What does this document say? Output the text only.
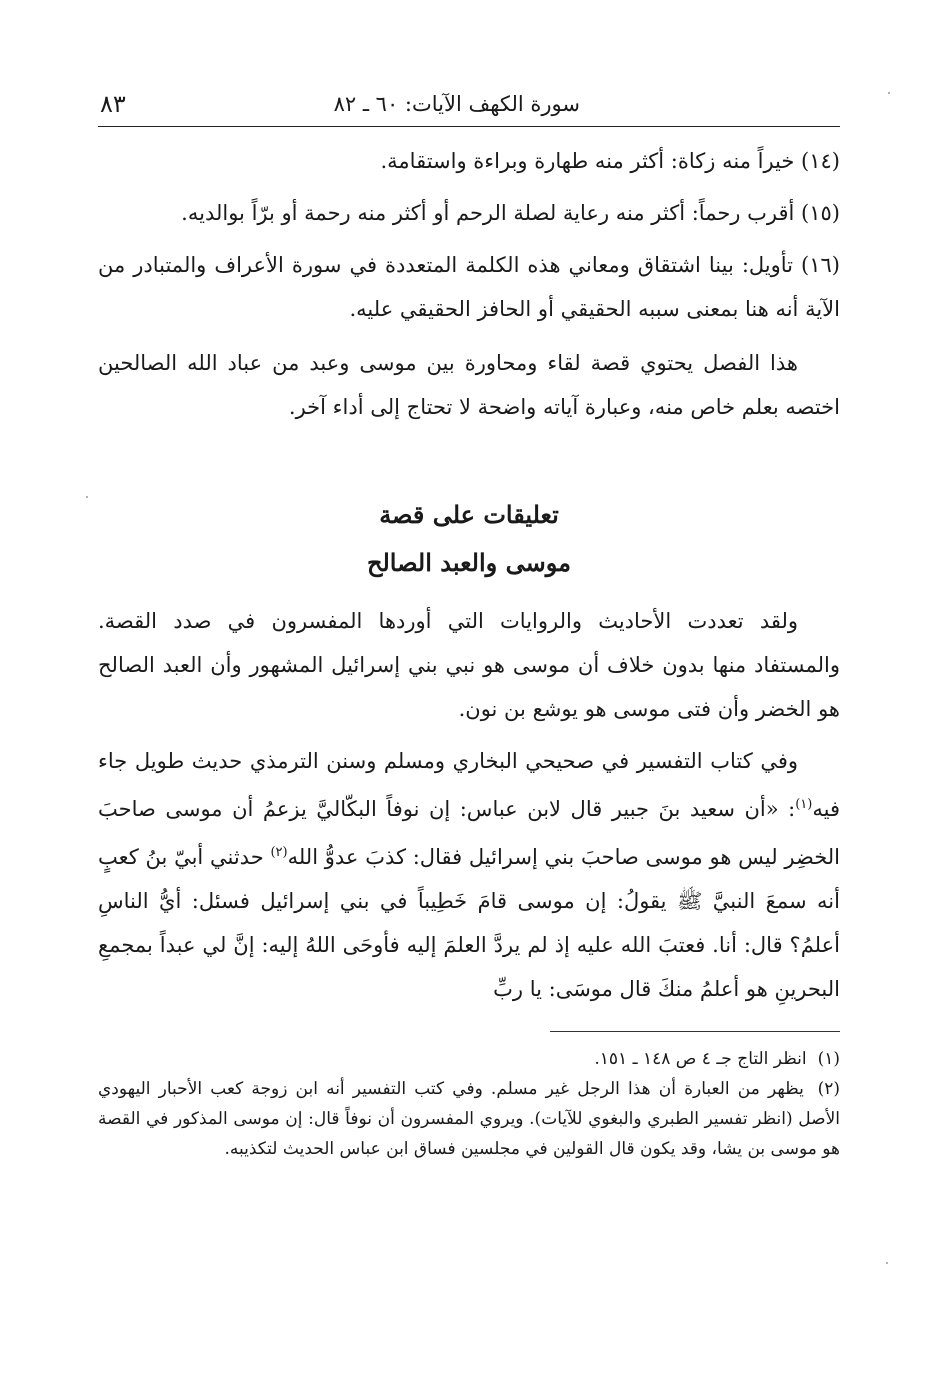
سورة الكهف الآيات: ٦٠ ـ ٨٢
٨٣

(١٤) خيراً منه زكاة: أكثر منه طهارة وبراءة واستقامة.

(١٥) أقرب رحماً: أكثر منه رعاية لصلة الرحم أو أكثر منه رحمة أو برّاً بوالديه.

(١٦) تأويل: بينا اشتقاق ومعاني هذه الكلمة المتعددة في سورة الأعراف والمتبادر من الآية أنه هنا بمعنى سببه الحقيقي أو الحافز الحقيقي عليه.

هذا الفصل يحتوي قصة لقاء ومحاورة بين موسى وعبد من عباد الله الصالحين اختصه بعلم خاص منه، وعبارة آياته واضحة لا تحتاج إلى أداء آخر.

تعليقات على قصة

موسى والعبد الصالح

ولقد تعددت الأحاديث والروايات التي أوردها المفسرون في صدد القصة. والمستفاد منها بدون خلاف أن موسى هو نبي بني إسرائيل المشهور وأن العبد الصالح هو الخضر وأن فتى موسى هو يوشع بن نون.

وفي كتاب التفسير في صحيحي البخاري ومسلم وسنن الترمذي حديث طويل جاء فيه$^{(١)}$: «أن سعيد بنَ جبير قال لابن عباس: إن نوفاً البكّاليَّ يزعمُ أن موسى صاحبَ الخضِر ليس هو موسى صاحبَ بني إسرائيل فقال: كذبَ عدوُّ الله$^{(٢)}$ حدثني أبيّ بنُ كعبٍ أنه سمعَ النبيَّ ﷺ يقولُ: إن موسى قامَ خَطِيباً في بني إسرائيل فسئل: أيُّ الناسِ أعلمُ؟ قال: أنا. فعتبَ الله عليه إذ لم يردَّ العلمَ إليه فأوحَى اللهُ إليه: إنَّ لي عبداً بمجمعِ البحرينِ هو أعلمُ منكَ قال موسَى: يا ربِّ

(١) انظر التاج جـ ٤ ص ١٤٨ ـ ١٥١.

(٢) يظهر من العبارة أن هذا الرجل غير مسلم. وفي كتب التفسير أنه ابن زوجة كعب الأحبار اليهودي الأصل (انظر تفسير الطبري والبغوي للآيات). ويروي المفسرون أن نوفاً قال: إن موسى المذكور في القصة هو موسى بن يشا، وقد يكون قال القولين في مجلسين فساق ابن عباس الحديث لتكذيبه.
